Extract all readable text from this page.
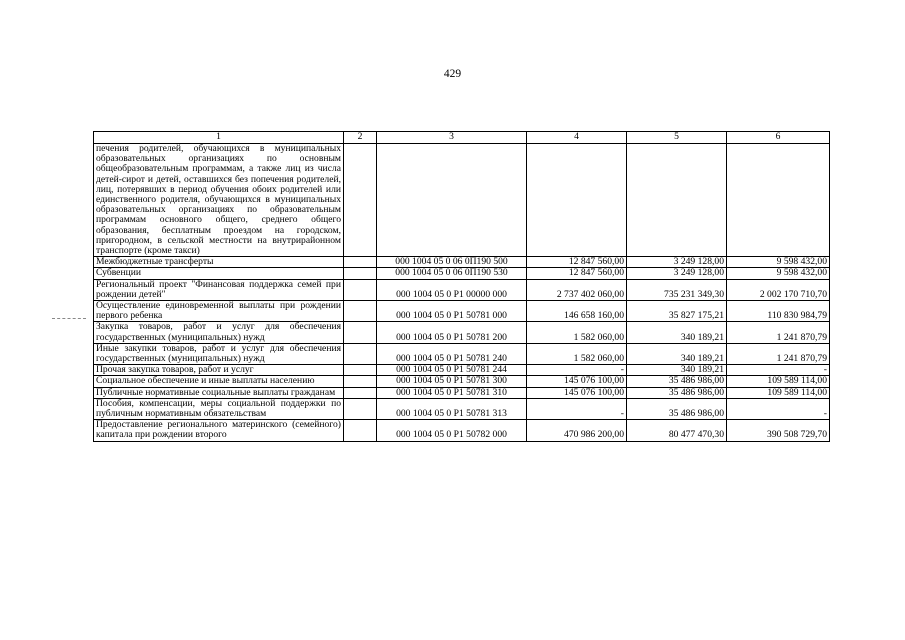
429
1	2	3	4	5	6
печения родителей, обучающихся в муниципальных образовательных организациях по основным общеобразовательным программам, а также лиц из числа детей-сирот и детей, оставшихся без попечения родителей, лиц, потерявших в период обучения обоих родителей или единственного родителя, обучающихся в муниципальных образовательных организациях по образовательным программам основного общего, среднего общего образования, бесплатным проездом на городском, пригородном, в сельской местности на внутрирайонном транспорте (кроме такси)					
Межбюджетные трансферты		000 1004 05 0 06 0П190 500	12 847 560,00	3 249 128,00	9 598 432,00
Субвенции		000 1004 05 0 06 0П190 530	12 847 560,00	3 249 128,00	9 598 432,00
Региональный проект "Финансовая поддержка семей при рождении детей"		000 1004 05 0 P1 00000 000	2 737 402 060,00	735 231 349,30	2 002 170 710,70
Осуществление единовременной выплаты при рождении первого ребенка		000 1004 05 0 P1 50781 000	146 658 160,00	35 827 175,21	110 830 984,79
Закупка товаров, работ и услуг для обеспечения государственных (муниципальных) нужд		000 1004 05 0 P1 50781 200	1 582 060,00	340 189,21	1 241 870,79
Иные закупки товаров, работ и услуг для обеспечения государственных (муниципальных) нужд		000 1004 05 0 P1 50781 240	1 582 060,00	340 189,21	1 241 870,79
Прочая закупка товаров, работ и услуг		000 1004 05 0 P1 50781 244	-	340 189,21	-
Социальное обеспечение и иные выплаты населению		000 1004 05 0 P1 50781 300	145 076 100,00	35 486 986,00	109 589 114,00
Публичные нормативные социальные выплаты гражданам		000 1004 05 0 P1 50781 310	145 076 100,00	35 486 986,00	109 589 114,00
Пособия, компенсации, меры социальной поддержки по публичным нормативным обязательствам		000 1004 05 0 P1 50781 313	-	35 486 986,00	-
Предоставление регионального материнского (семейного) капитала при рождении второго		000 1004 05 0 P1 50782 000	470 986 200,00	80 477 470,30	390 508 729,70
